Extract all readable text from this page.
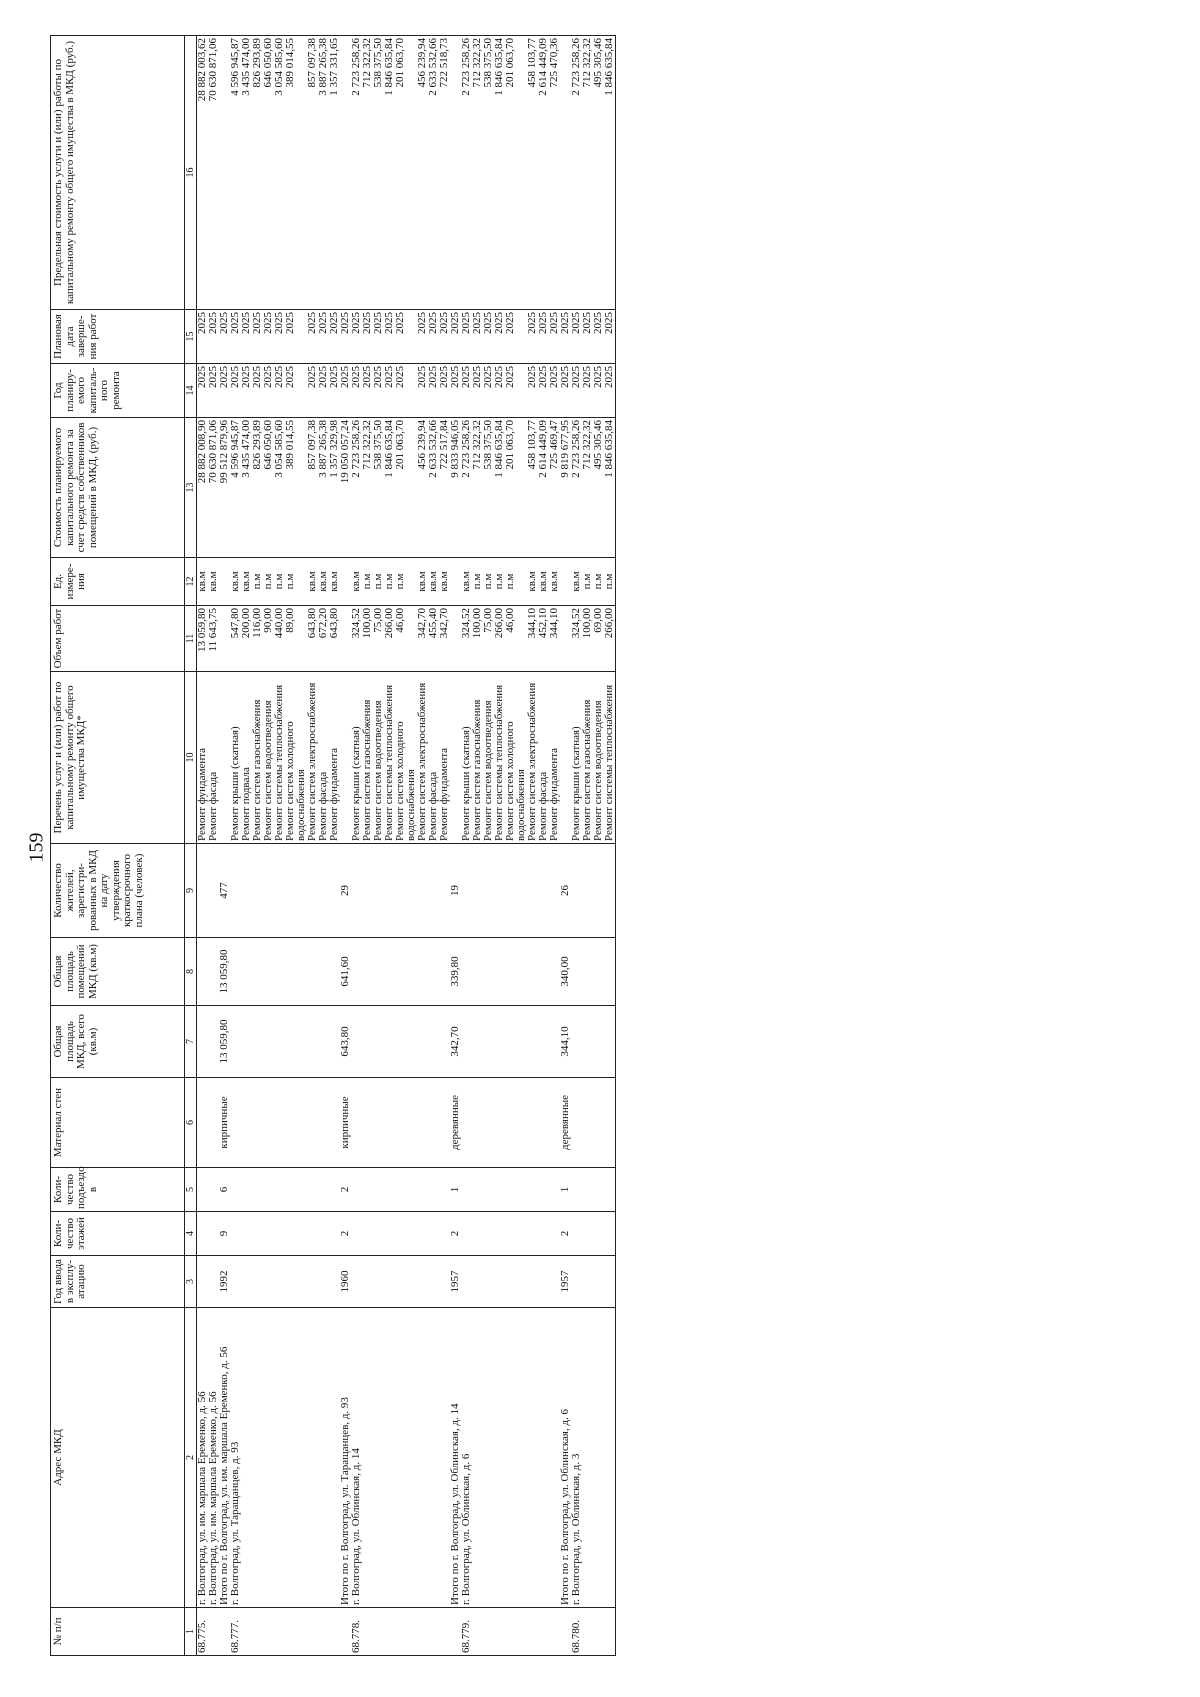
159
№ п/п	Адрес МКД	Год ввода в эксплу-атацию	Коли-чество этажей	Коли-чество подъездо в	Материал стен	Общая площадь МКД, всего (кв.м)	Общая площадь помещений МКД (кв.м)	Количество жителей, зарегистри-рованных в МКД на дату утверждения краткосрочного плана (человек)	Перечень услуг и (или) работ по капитальному ремонту общего имущества МКД*	Объем работ	Ед. измере-ния	Стоимость планируемого капитального ремонта за счет средств собственников помещений в МКД, (руб.)	Год планиру-емого капиталь-ного ремонта	Плановая дата заверше-ния работ	Предельная стоимость услуги и (или) работы по капитальному ремонту общего имущества в МКД (руб.)
1	2	3	4	5	6	7	8	9	10	11	12	13	14	15	16
68.775.	г. Волгоград, ул. им. маршала Еременко, д. 56								Ремонт фундамента	13 059,80	кв.м	28 882 008,90	2025	2025	28 882 003,62
	г. Волгоград, ул. им. маршала Еременко, д. 56								Ремонт фасада	11 643,75	кв.м	70 630 871,06	2025	2025	70 630 871,06
	Итого по г. Волгоград, ул. им. маршала Еременко, д. 56	1992	9	6	кирпичные	13 059,80	13 059,80	477				99 512 879,96	2025	2025	
68.777.	г. Волгоград, ул. Таращанцев, д. 93								Ремонт крыши (скатная)	547,80	кв.м	4 596 945,87	2025	2025	4 596 945,87
									Ремонт подвала	200,00	кв.м	3 435 474,00	2025	2025	3 435 474,00
									Ремонт систем газоснабжения	116,00	п.м	826 293,89	2025	2025	826 293,89
									Ремонт систем водоотведения	90,00	п.м	646 050,60	2025	2025	646 050,60
									Ремонт системы теплоснабжения	440,00	п.м	3 054 585,60	2025	2025	3 054 585,60
									Ремонт систем холодного водоснабжения	89,00	п.м	389 014,55	2025	2025	389 014,55
									Ремонт систем электроснабжения	643,80	кв.м	857 097,38	2025	2025	857 097,38
									Ремонт фасада	672,20	кв.м	3 887 265,38	2025	2025	3 887 265,38
									Ремонт фундамента	643,80	кв.м	1 357 329,98	2025	2025	1 357 331,65
	Итого по г. Волгоград, ул. Таращанцев, д. 93	1960	2	2	кирпичные	643,80	641,60	29				19 050 057,24	2025	2025	
68.778.	г. Волгоград, ул. Облинская, д. 14								Ремонт крыши (скатная)	324,52	кв.м	2 723 258,26	2025	2025	2 723 258,26
									Ремонт систем газоснабжения	100,00	п.м	712 322,32	2025	2025	712 322,32
									Ремонт систем водоотведения	75,00	п.м	538 375,50	2025	2025	538 375,50
									Ремонт системы теплоснабжения	266,00	п.м	1 846 635,84	2025	2025	1 846 635,84
									Ремонт систем холодного водоснабжения	46,00	п.м	201 063,70	2025	2025	201 063,70
									Ремонт систем электроснабжения	342,70	кв.м	456 239,94	2025	2025	456 239,94
									Ремонт фасада	455,40	кв.м	2 633 532,66	2025	2025	2 633 532,66
									Ремонт фундамента	342,70	кв.м	722 517,84	2025	2025	722 518,73
	Итого по г. Волгоград, ул. Облинская, д. 14	1957	2	1	деревянные	342,70	339,80	19				9 833 946,05	2025	2025	
68.779.	г. Волгоград, ул. Облинская, д. 6								Ремонт крыши (скатная)	324,52	кв.м	2 723 258,26	2025	2025	2 723 258,26
									Ремонт систем газоснабжения	100,00	п.м	712 322,32	2025	2025	712 322,32
									Ремонт систем водоотведения	75,00	п.м	538 375,50	2025	2025	538 375,50
									Ремонт системы теплоснабжения	266,00	п.м	1 846 635,84	2025	2025	1 846 635,84
									Ремонт систем холодного водоснабжения	46,00	п.м	201 063,70	2025	2025	201 063,70
									Ремонт систем электроснабжения	344,10	кв.м	458 103,77	2025	2025	458 103,77
									Ремонт фасада	452,10	кв.м	2 614 449,09	2025	2025	2 614 449,09
									Ремонт фундамента	344,10	кв.м	725 469,47	2025	2025	725 470,36
	Итого по г. Волгоград, ул. Облинская, д. 6	1957	2	1	деревянные	344,10	340,00	26				9 819 677,95	2025	2025	
68.780.	г. Волгоград, ул. Облинская, д. 3								Ремонт крыши (скатная)	324,52	кв.м	2 723 258,26	2025	2025	2 723 258,26
									Ремонт систем газоснабжения	100,00	п.м	712 322,32	2025	2025	712 322,32
									Ремонт систем водоотведения	69,00	п.м	495 305,46	2025	2025	495 305,46
									Ремонт системы теплоснабжения	266,00	п.м	1 846 635,84	2025	2025	1 846 635,84
